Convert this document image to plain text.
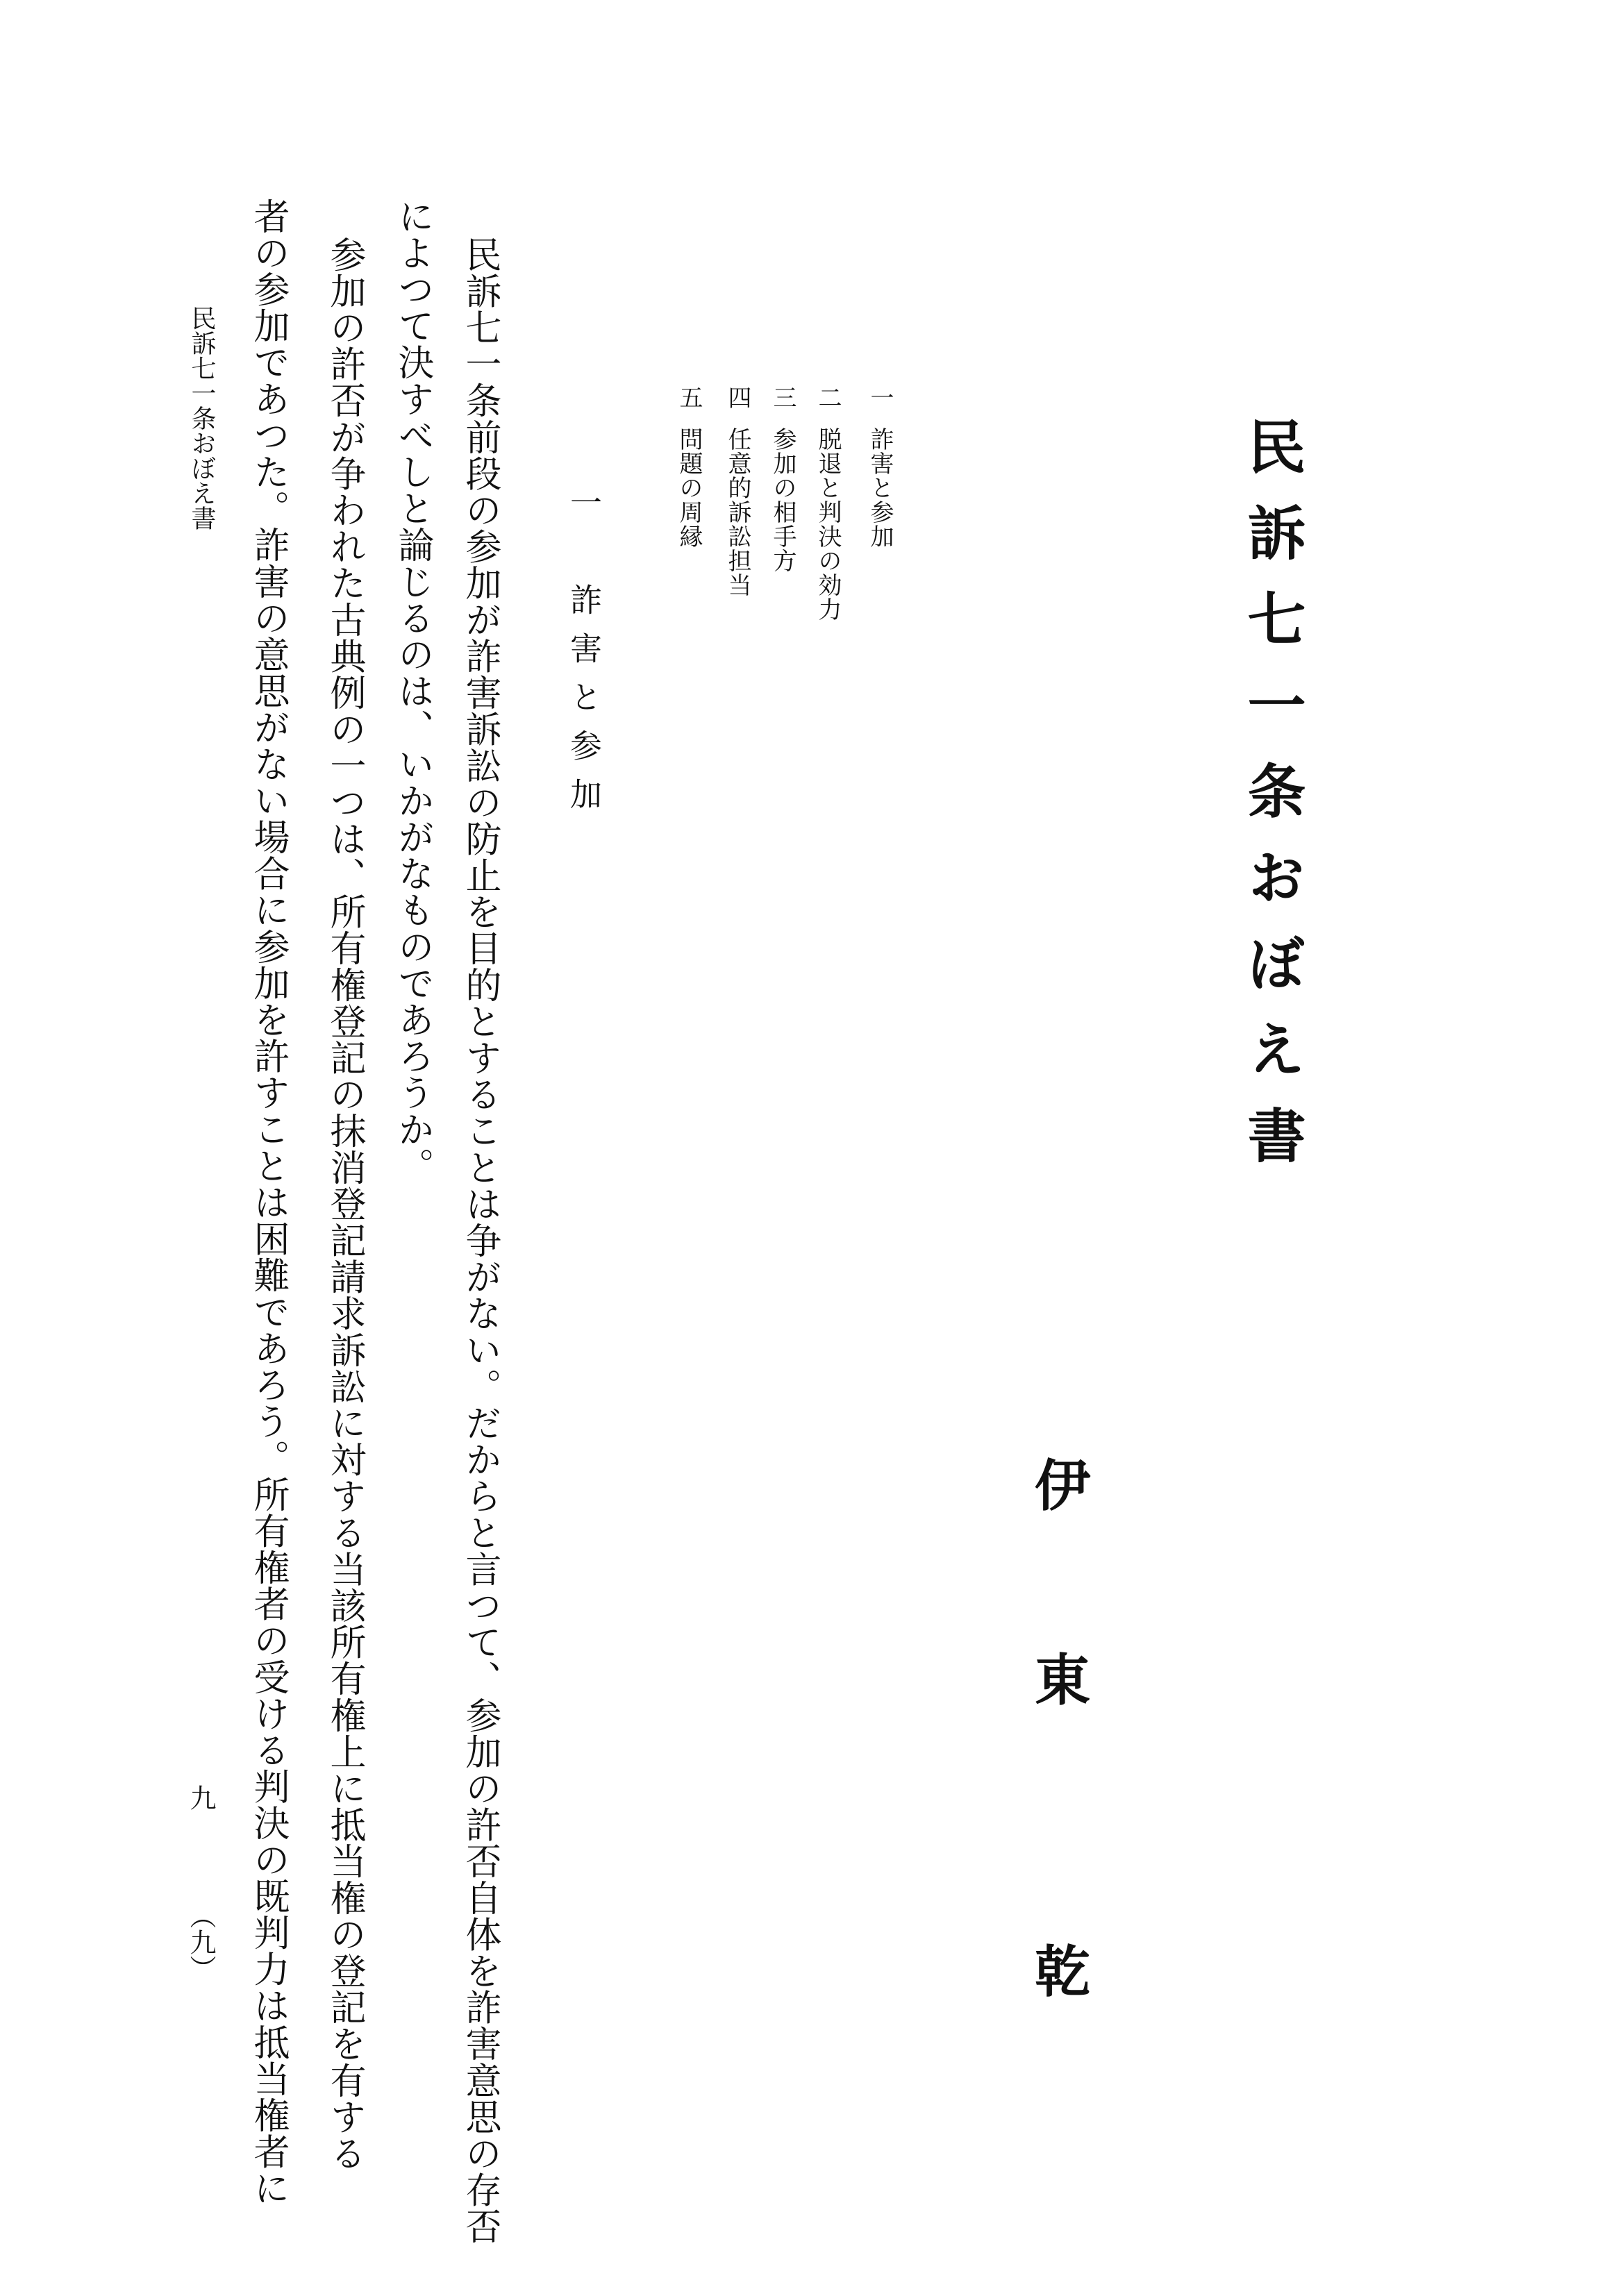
民訴七一条おぼえ書
伊
東
乾
一
詐害と参加
二
脱退と判決の効力
三
参加の相手方
四
任意的訴訟担当
五
問題の周縁
一　詐害と参加
民訴七一条前段の参加が詐害訴訟の防止を目的とすることは争がない。だからと言つて、参加の許否自体を詐害意思の存否
によつて決すべしと論じるのは、いかがなものであろうか。
参加の許否が争われた古典例の一つは、所有権登記の抹消登記請求訴訟に対する当該所有権上に抵当権の登記を有する
者の参加であつた。詐害の意思がない場合に参加を許すことは困難であろう。所有権者の受ける判決の既判力は抵当権者に
民訴七一条おぼえ書
九
（九）
